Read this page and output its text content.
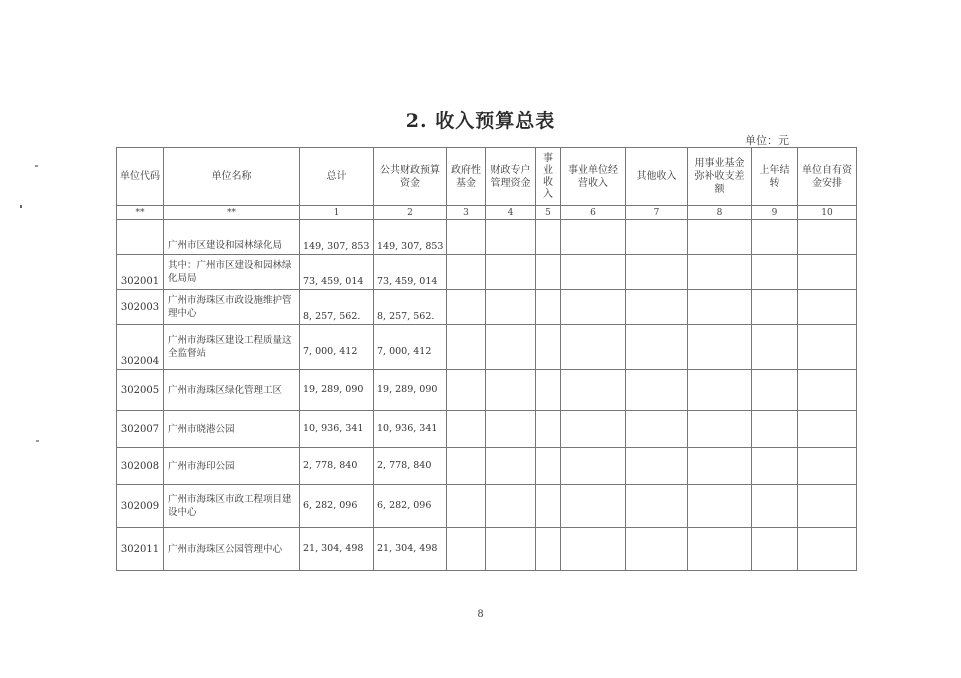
2. 收入预算总表
单位：元
单位代码	单位名称	总计	公共财政预算资金	政府性基金	财政专户管理资金	事业收入	事业单位经营收入	其他收入	用事业基金弥补收支差额	上年结转	单位自有资金安排
**	**	1	2	3	4	5	6	7	8	9	10
	广州市区建设和园林绿化局	149, 307, 853	149, 307, 853								
302001	其中：广州市区建设和园林绿化局局	73, 459, 014	73, 459, 014								
302003	广州市海珠区市政设施维护管理中心	8, 257, 562.	8, 257, 562.								
302004	广州市海珠区建设工程质量这全监督站	7, 000, 412	7, 000, 412								
302005	广州市海珠区绿化管理工区	19, 289, 090	19, 289, 090								
302007	广州市晓港公园	10, 936, 341	10, 936, 341								
302008	广州市海印公园	2, 778, 840	2, 778, 840								
302009	广州市海珠区市政工程项目建设中心	6, 282, 096	6, 282, 096								
302011	广州市海珠区公园管理中心	21, 304, 498	21, 304, 498								
8
